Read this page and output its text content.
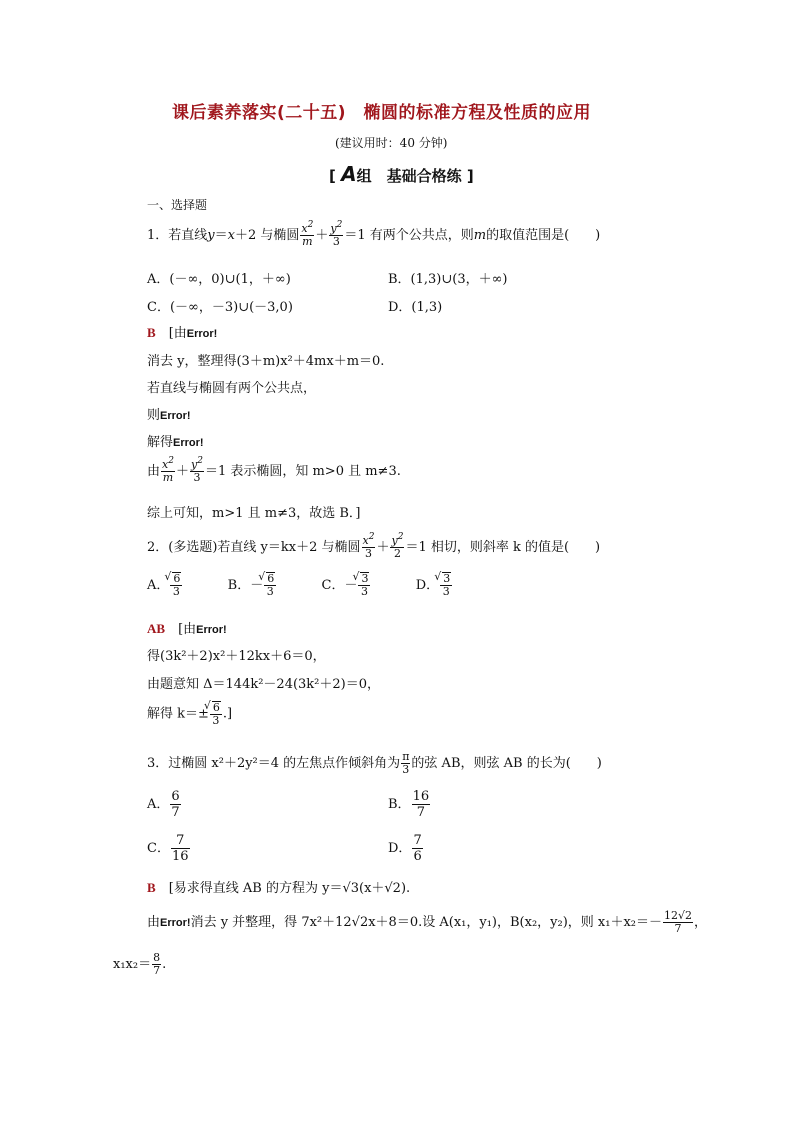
课后素养落实(二十五)　椭圆的标准方程及性质的应用
(建议用时：40 分钟)
[ A组　基础合格练 ]
一、选择题
1．若直线y＝x＋2 与椭圆 $\frac{x^2}{m} + \frac{y^2}{3} =1$ 有两个公共点，则m的取值范围是(　　)
A．(－∞，0)∪(1，＋∞)	B．(1,3)∪(3，＋∞)
C．(－∞，－3)∪(－3,0)	D．(1,3)
B　 [由Error!
消去 y，整理得(3＋m)x²＋4mx＋m＝0.
若直线与椭圆有两个公共点，
则Error!
解得Error!
由 $\frac{x^2}{m} + \frac{y^2}{3} =1$ 表示椭圆，知 m>0 且 m≠3.
综上可知，m>1 且 m≠3，故选 B．]
2．(多选题)若直线 y＝kx＋2 与椭圆 $\frac{x^2}{3} + \frac{y^2}{2} =1$ 相切，则斜率 k 的值是(　　)
A． √ $\frac{6}{3}$	B．－ √ $\frac{6}{3}$	C．－ √ $\frac{3}{3}$	D． √ $\frac{3}{3}$
AB　 [由Error!
得(3k²＋2)x²＋12kx＋6＝0，
由题意知 Δ＝144k²－24(3k²＋2)＝0，
解得 k＝± √ $\frac{6}{3}$ .]
3．过椭圆 x²＋2y²＝4 的左焦点作倾斜角为 $\frac{\pi}{3}$ 的弦 AB，则弦 AB 的长为(　　)
A． $\frac{6}{7}$	B． $\frac{16}{7}$
C． $\frac{7}{16}$	D． $\frac{7}{6}$
B　 [易求得直线 AB 的方程为 y＝√3(x＋√2).
由Error!消去 y 并整理，得 7x²＋12√2x＋8＝0.设 A(x₁，y₁)，B(x₂，y₂)，则 $x_1+x_2=- \frac{12√2}{7}$ ，
$x_1x_2= \frac{8}{7}$ .
